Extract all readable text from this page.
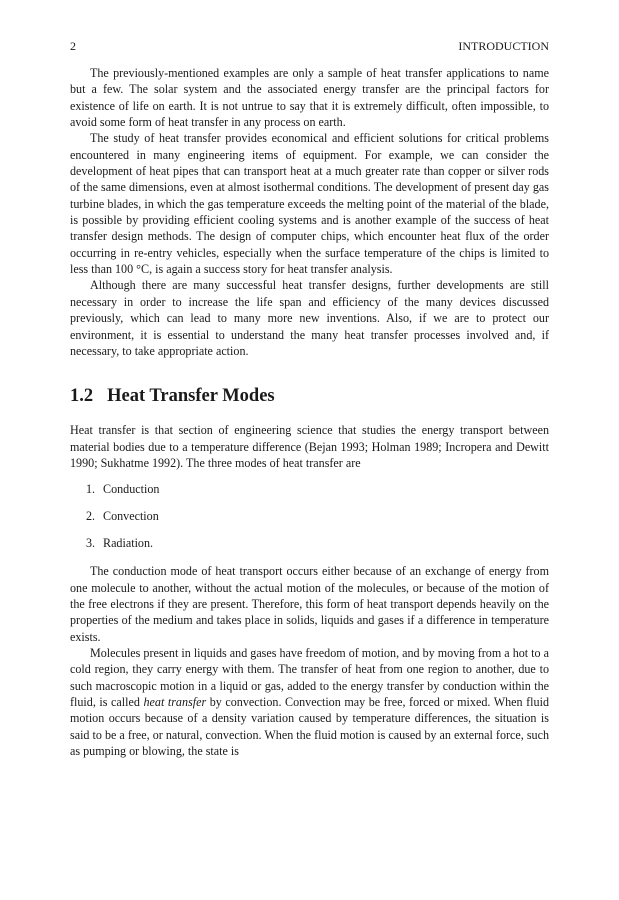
2	INTRODUCTION

The previously-mentioned examples are only a sample of heat transfer applications to name but a few. The solar system and the associated energy transfer are the principal factors for existence of life on earth. It is not untrue to say that it is extremely difficult, often impossible, to avoid some form of heat transfer in any process on earth.

The study of heat transfer provides economical and efficient solutions for critical problems encountered in many engineering items of equipment. For example, we can consider the development of heat pipes that can transport heat at a much greater rate than copper or silver rods of the same dimensions, even at almost isothermal conditions. The development of present day gas turbine blades, in which the gas temperature exceeds the melting point of the material of the blade, is possible by providing efficient cooling systems and is another example of the success of heat transfer design methods. The design of computer chips, which encounter heat flux of the order occurring in re-entry vehicles, especially when the surface temperature of the chips is limited to less than 100 °C, is again a success story for heat transfer analysis.

Although there are many successful heat transfer designs, further developments are still necessary in order to increase the life span and efficiency of the many devices discussed previously, which can lead to many more new inventions. Also, if we are to protect our environment, it is essential to understand the many heat transfer processes involved and, if necessary, to take appropriate action.

1.2 Heat Transfer Modes

Heat transfer is that section of engineering science that studies the energy transport between material bodies due to a temperature difference (Bejan 1993; Holman 1989; Incropera and Dewitt 1990; Sukhatme 1992). The three modes of heat transfer are

1. Conduction
2. Convection
3. Radiation.

The conduction mode of heat transport occurs either because of an exchange of energy from one molecule to another, without the actual motion of the molecules, or because of the motion of the free electrons if they are present. Therefore, this form of heat transport depends heavily on the properties of the medium and takes place in solids, liquids and gases if a difference in temperature exists.

Molecules present in liquids and gases have freedom of motion, and by moving from a hot to a cold region, they carry energy with them. The transfer of heat from one region to another, due to such macroscopic motion in a liquid or gas, added to the energy transfer by conduction within the fluid, is called heat transfer by convection. Convection may be free, forced or mixed. When fluid motion occurs because of a density variation caused by temperature differences, the situation is said to be a free, or natural, convection. When the fluid motion is caused by an external force, such as pumping or blowing, the state is
